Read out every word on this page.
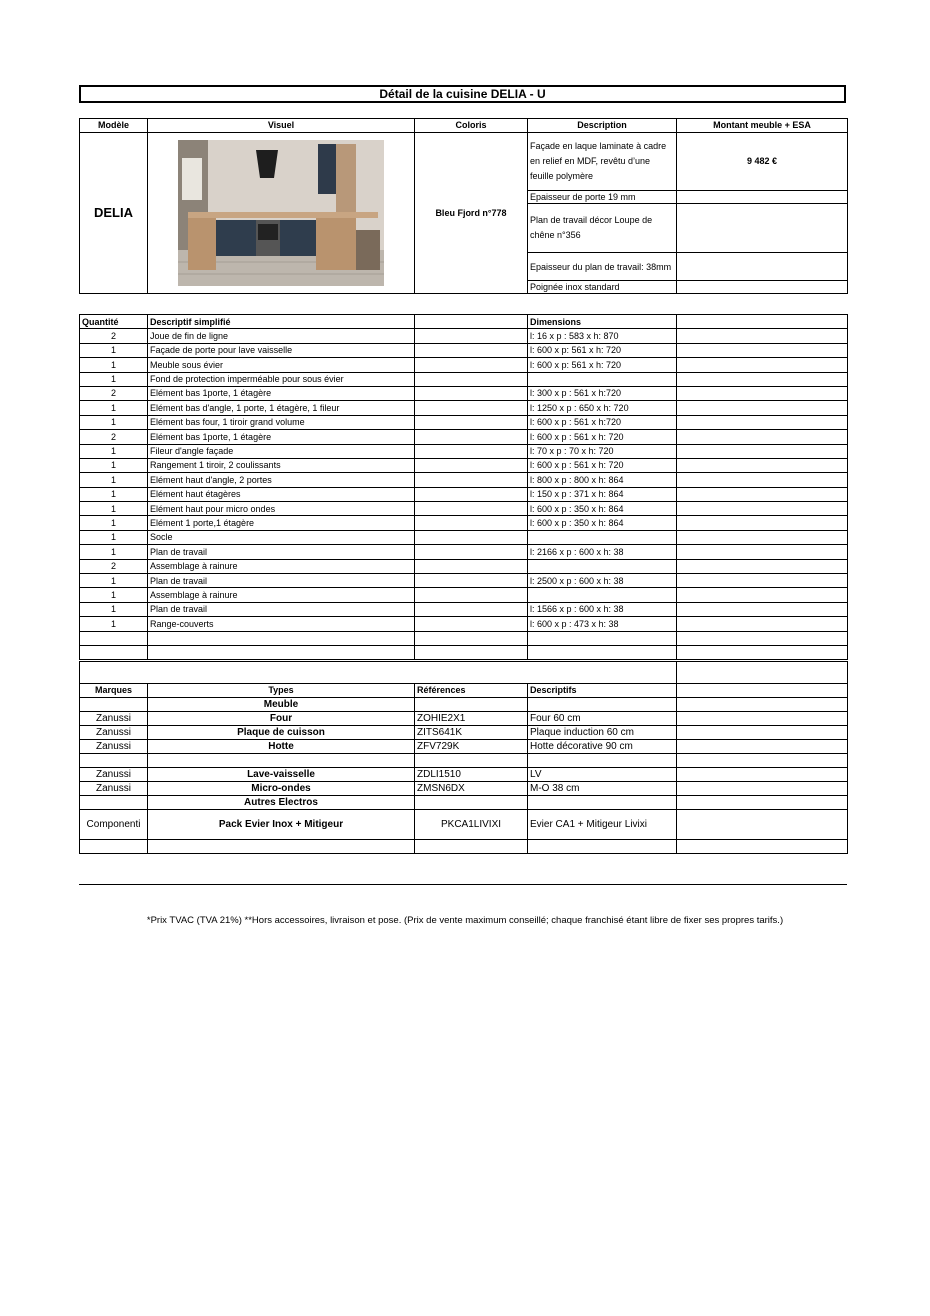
Détail de la cuisine DELIA - U
Modèle	Visuel	Coloris	Description	Montant meuble + ESA
DELIA		Bleu Fjord n°778	Façade en laque laminate à cadre en relief en MDF, revêtu d’une feuille polymère	9 482 €
			Epaisseur de porte 19 mm	
			Plan de travail décor Loupe de chêne n°356	
			Epaisseur du plan de travail: 38mm	
			Poignée inox standard	
Quantité	Descriptif simplifié		Dimensions	
2	Joue de fin de ligne		l: 16 x p : 583 x h: 870	
1	Façade de porte pour lave vaisselle		l: 600 x p: 561 x h: 720	
1	Meuble sous évier		l: 600 x p: 561 x h: 720	
1	Fond de protection imperméable pour sous évier			
2	Elément bas 1porte, 1 étagère		l: 300 x p : 561 x h:720	
1	Elément bas d'angle, 1 porte, 1 étagère, 1 fileur		l: 1250 x p : 650 x h: 720	
1	Elément bas four, 1 tiroir grand volume		l: 600 x p : 561 x h:720	
2	Elément bas 1porte, 1 étagère		l: 600 x p : 561 x h: 720	
1	Fileur d'angle façade		l: 70 x p : 70 x h: 720	
1	Rangement 1 tiroir, 2 coulissants		l: 600 x p : 561 x h: 720	
1	Elément haut d'angle, 2 portes		l: 800 x p : 800 x h: 864	
1	Elément haut étagères		l: 150 x p : 371 x h: 864	
1	Elément haut pour micro ondes		l: 600 x p : 350 x h: 864	
1	Elément 1 porte,1 étagère		l: 600 x p : 350 x h: 864	
1	Socle			
1	Plan de travail		l: 2166 x p : 600 x h: 38	
2	Assemblage à rainure			
1	Plan de travail		l: 2500 x p : 600 x h: 38	
1	Assemblage à rainure			
1	Plan de travail		l: 1566 x p : 600 x h: 38	
1	Range-couverts		l: 600 x p : 473 x h: 38	

Marques	Types	Références	Descriptifs	
	Meuble			
Zanussi	Four	ZOHIE2X1	Four 60 cm	
Zanussi	Plaque de cuisson	ZITS641K	Plaque induction 60 cm	
Zanussi	Hotte	ZFV729K	Hotte décorative 90 cm	

Zanussi	Lave-vaisselle	ZDLI1510	LV	
Zanussi	Micro-ondes	ZMSN6DX	M-O 38 cm	
	Autres Electros			
Componenti	Pack Evier Inox + Mitigeur	PKCA1LIVIXI	Evier CA1 + Mitigeur Livixi	

*Prix TVAC (TVA 21%) **Hors accessoires, livraison et pose. (Prix de vente maximum conseillé; chaque franchisé étant libre de fixer ses propres tarifs.)
